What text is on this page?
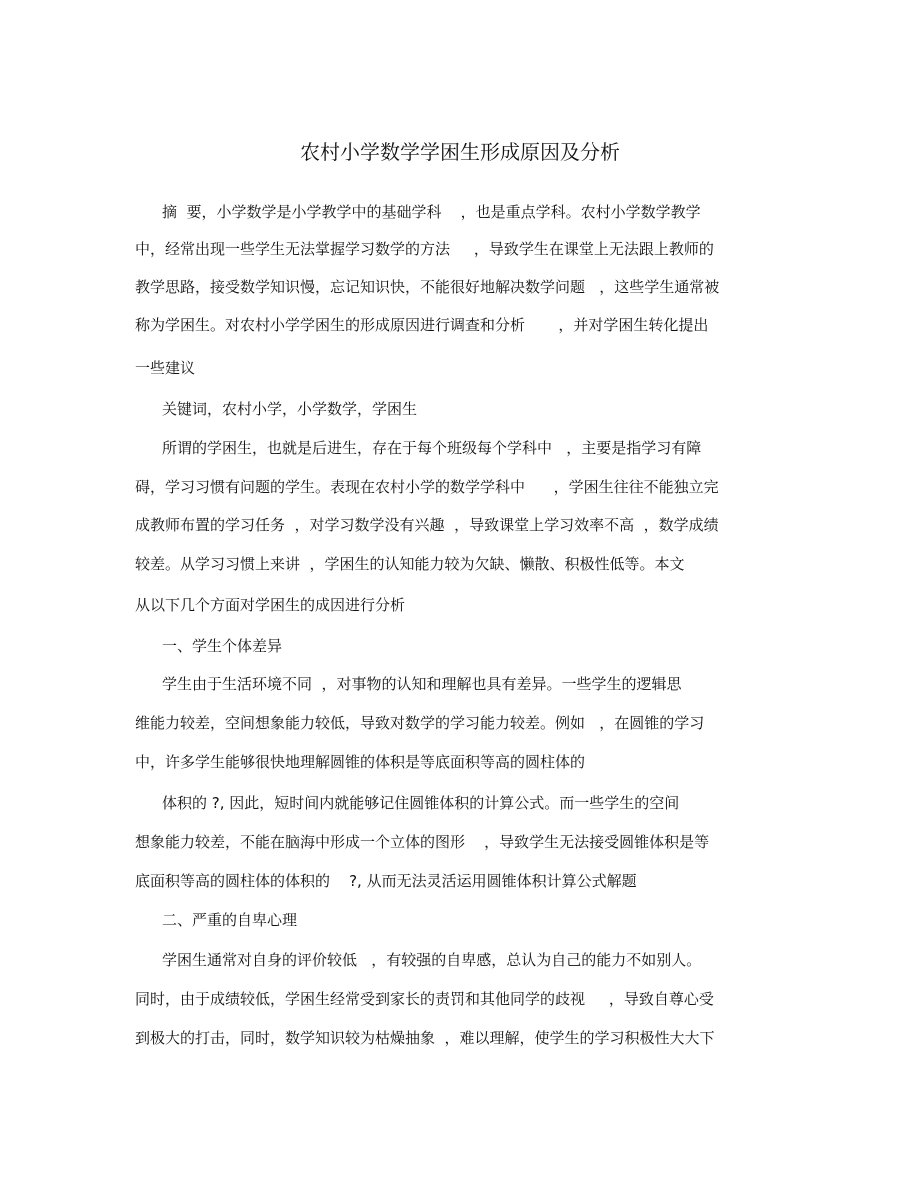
农村小学数学学困生形成原因及分析
摘  要，小学数学是小学教学中的基础学科    ，也是重点学科。农村小学数学教学
中，经常出现一些学生无法掌握学习数学的方法     ，导致学生在课堂上无法跟上教师的
教学思路，接受数学知识慢，忘记知识快，不能很好地解决数学问题   ，这些学生通常被
称为学困生。对农村小学学困生的形成原因进行调查和分析       ，并对学困生转化提出
一些建议
关键词，农村小学，小学数学，学困生
所谓的学困生，也就是后进生，存在于每个班级每个学科中   ，主要是指学习有障
碍，学习习惯有问题的学生。表现在农村小学的数学学科中      ，学困生往往不能独立完
成教师布置的学习任务  ，对学习数学没有兴趣  ，导致课堂上学习效率不高  ，数学成绩
较差。从学习习惯上来讲  ，学困生的认知能力较为欠缺、懒散、积极性低等。本文
从以下几个方面对学困生的成因进行分析
一、学生个体差异
学生由于生活环境不同  ，对事物的认知和理解也具有差异。一些学生的逻辑思
维能力较差，空间想象能力较低，导致对数学的学习能力较差。例如   ，在圆锥的学习
中，许多学生能够很快地理解圆锥的体积是等底面积等高的圆柱体的
体积的 ?, 因此，短时间内就能够记住圆锥体积的计算公式。而一些学生的空间
想象能力较差，不能在脑海中形成一个立体的图形    ，导致学生无法接受圆锥体积是等
底面积等高的圆柱体的体积的    ?, 从而无法灵活运用圆锥体积计算公式解题
二、严重的自卑心理
学困生通常对自身的评价较低   ，有较强的自卑感，总认为自己的能力不如别人。
同时，由于成绩较低，学困生经常受到家长的责罚和其他同学的歧视     ，导致自尊心受
到极大的打击，同时，数学知识较为枯燥抽象  ，难以理解，使学生的学习积极性大大下
